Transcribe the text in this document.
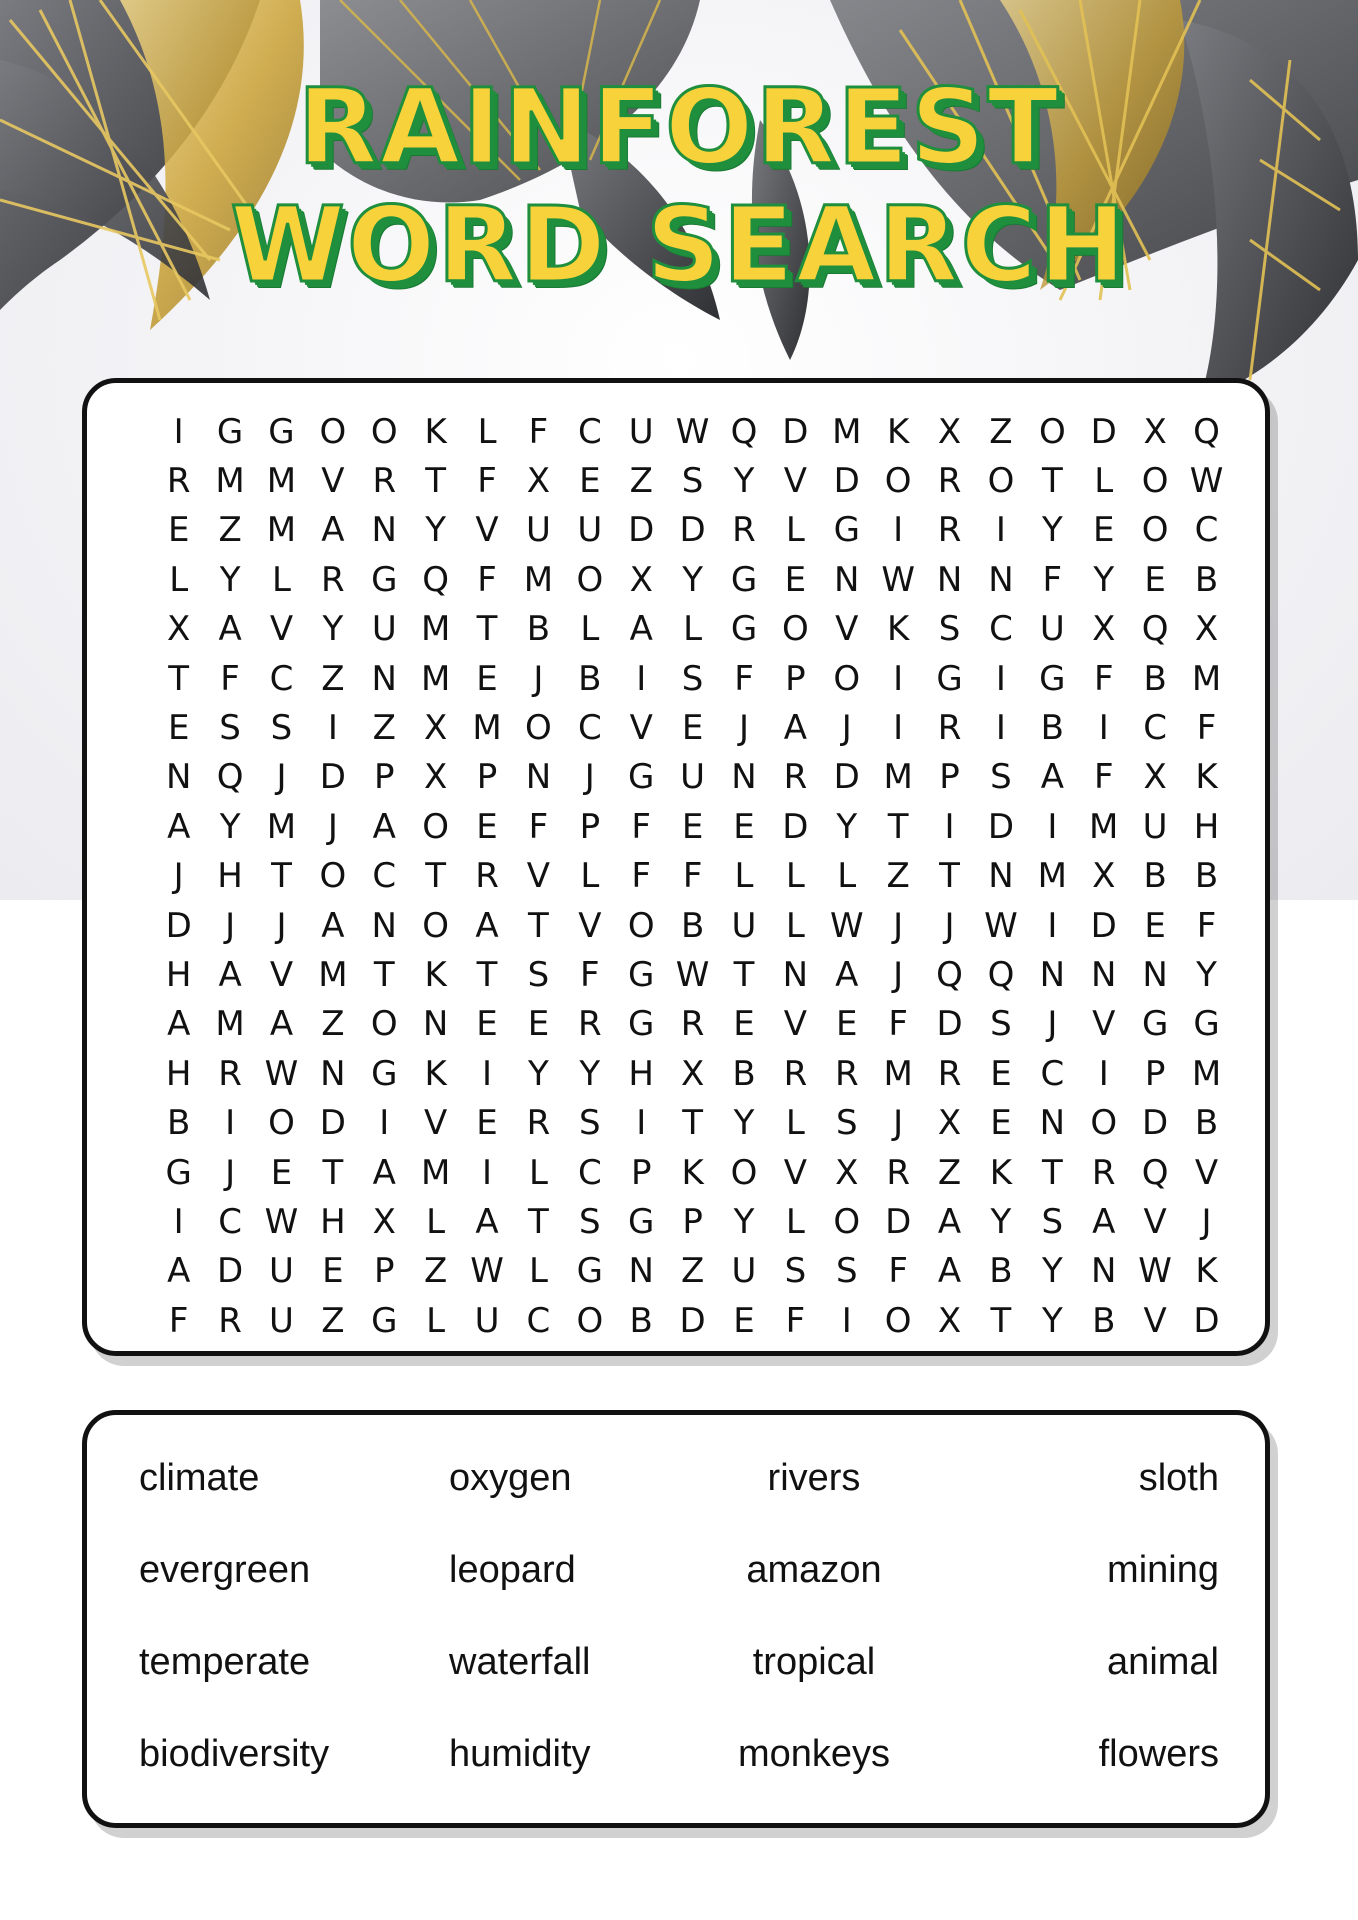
RAINFOREST
WORD SEARCH
I G G O O K L F C U W Q D M K X Z O D X Q
R M M V R T F X E Z S Y V D O R O T L O W
E Z M A N Y V U U D D R L G I	R	I	Y E O C
L Y L R G Q F M O X Y G E N W N N F Y E B
X A V Y U M T B L A L G O V K S C U X Q X
T F C Z N M E	J	B	I	S F P O I G I G F B M
E S S	I	Z X M O C V E	J	A	J	I	R	I	B	I	C F
N Q J D P X P N J G U N R D M P S A F X K
A Y M J	A O E F P F E E D Y T	I D I M U H
J H T O C T R V L F F L L L Z T N M X B B
D J	J	A N O A T V O B U L W J	J W I D E F
H A V M T K T S F G W T N A	J Q Q N N N Y
A M A Z O N E E R G R E V E F D S	J	V G G
H R W N G K	I	Y Y H X B R R M R E C	I	P M
B	I O D I	V E R S	I	T Y L S	J	X E N O D B
G J	E T A M I	L C P K O V X R Z K T R Q V
I	C W H X L A T S G P Y L O D A Y S A V	J
A D U E P Z W L G N Z U S S F A B Y N W K
F R U Z G L U C O B D E F	I O X T Y B V D
climate	oxygen	rivers	sloth
evergreen	leopard	amazon	mining
temperate	waterfall	tropical	animal
biodiversity	humidity	monkeys	flowers
